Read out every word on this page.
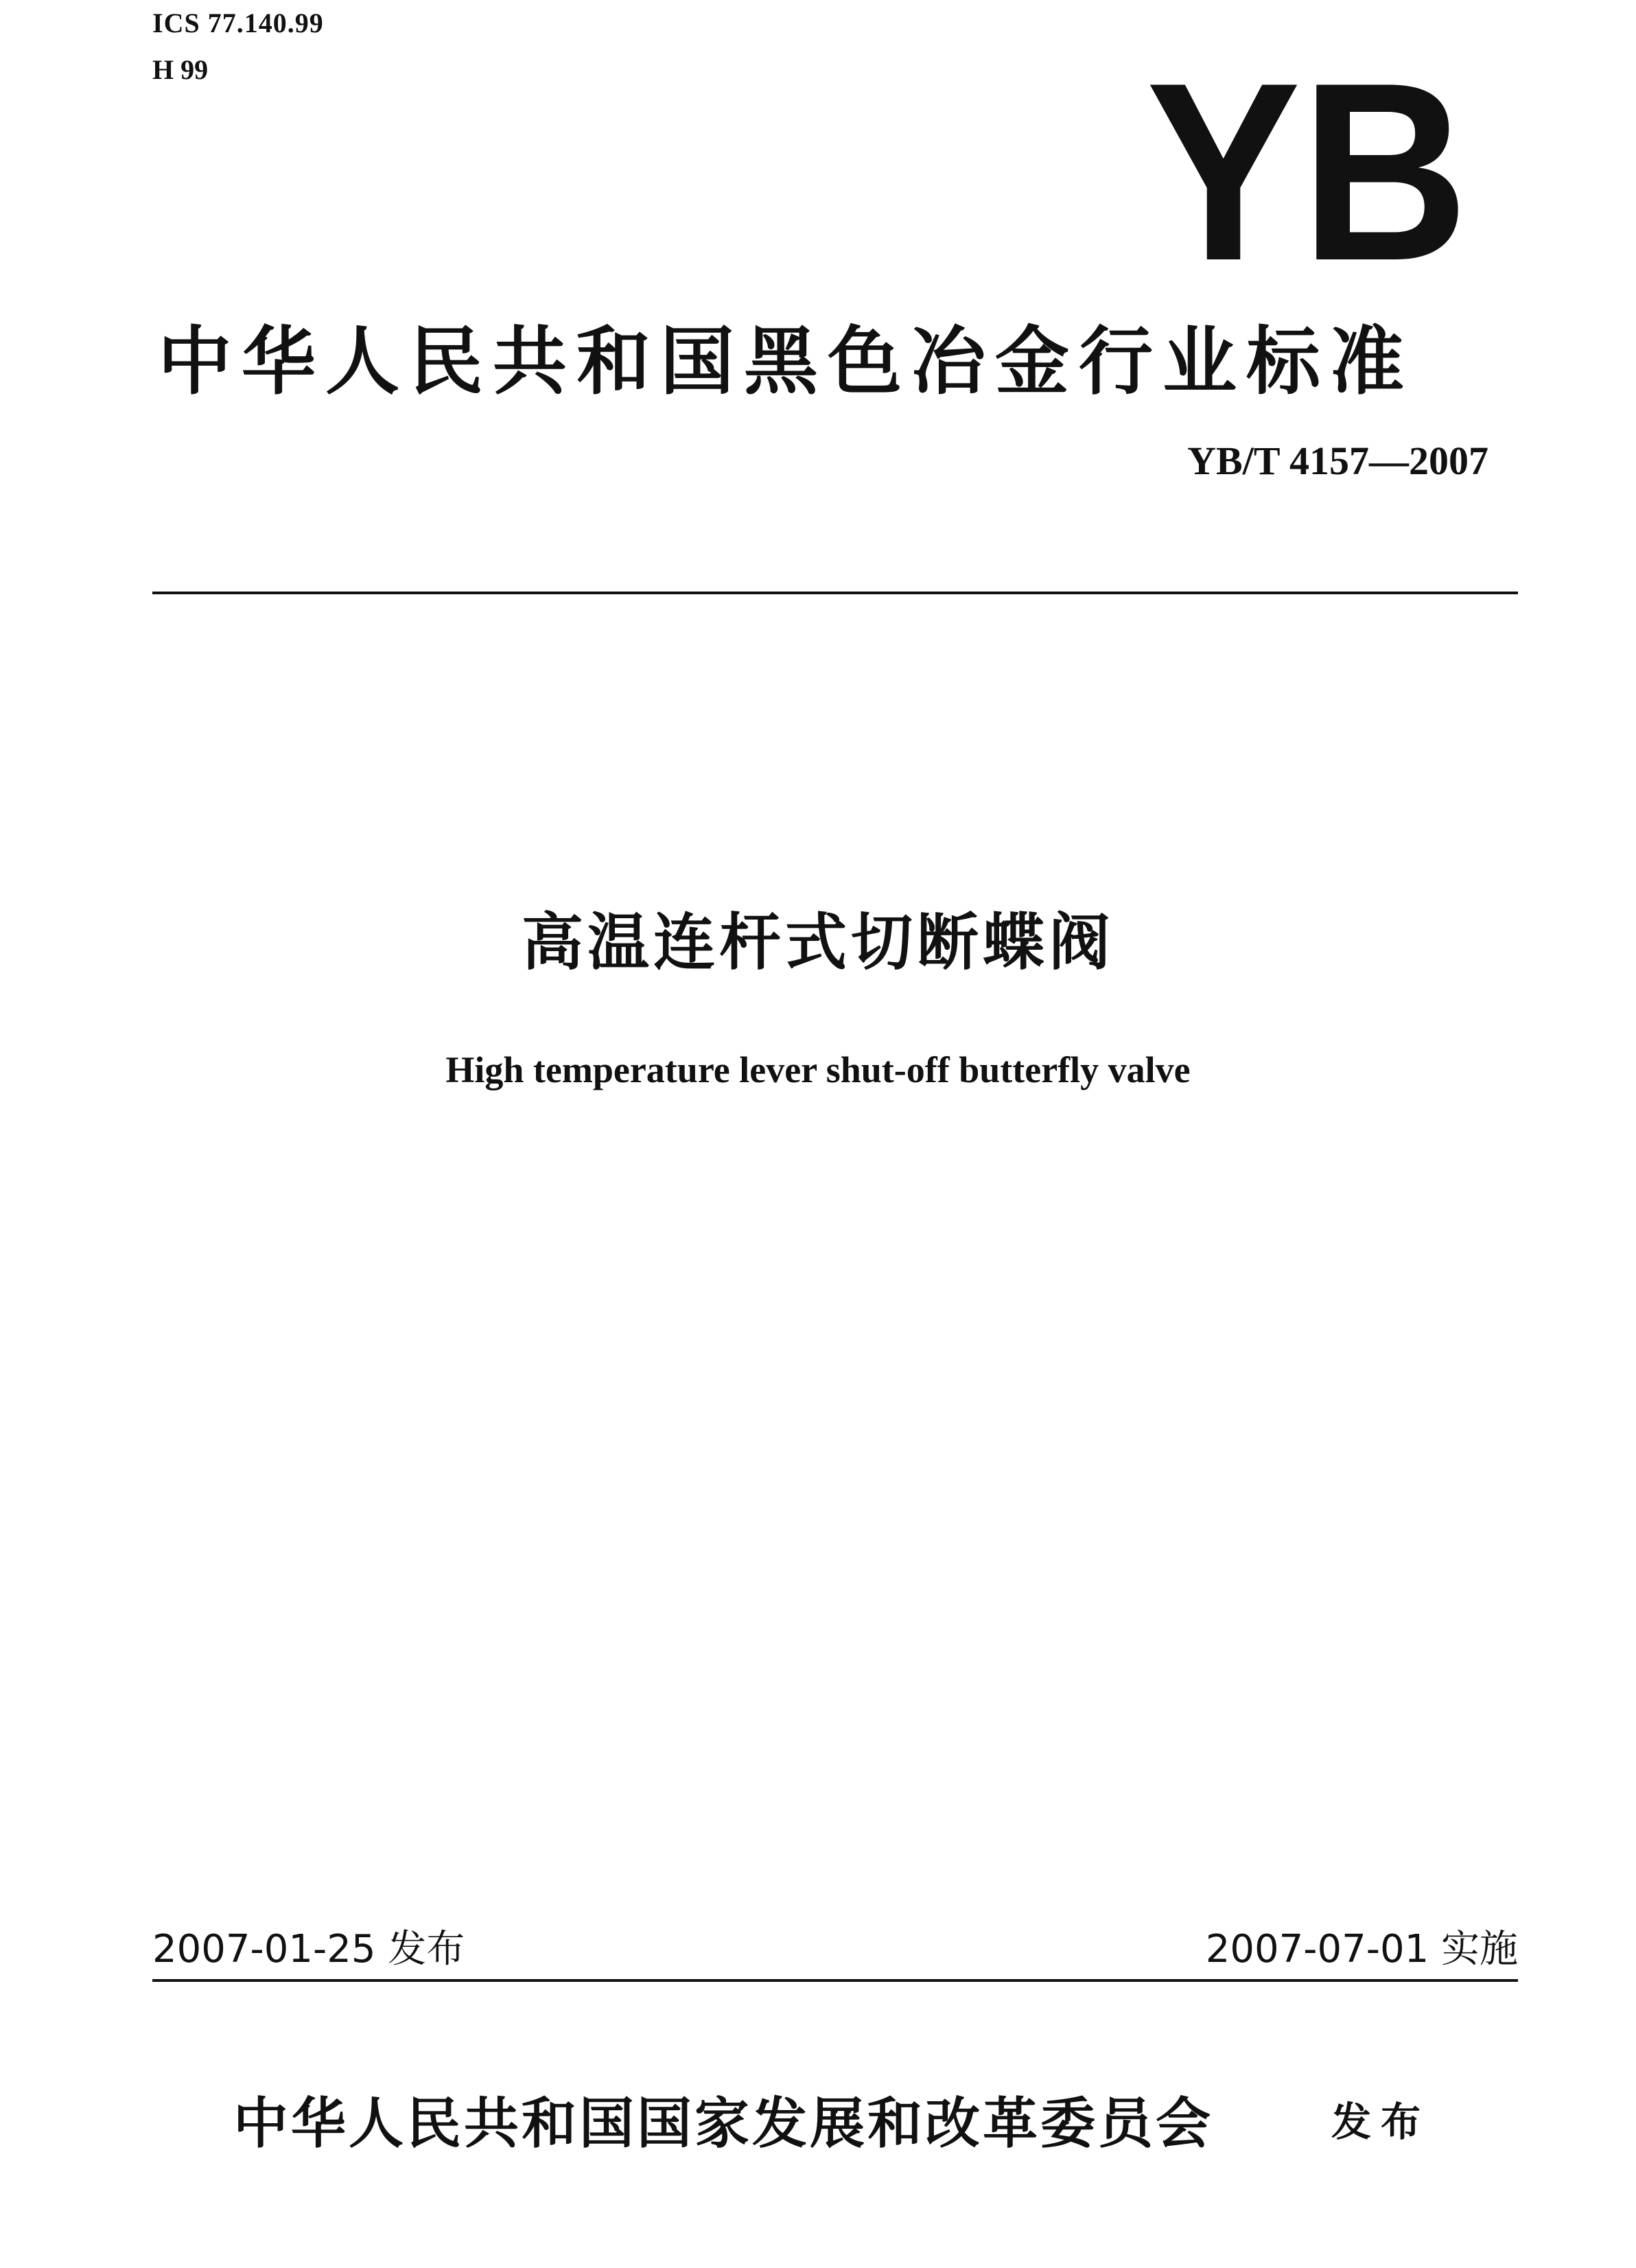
ICS 77.140.99
H 99	YB
中华人民共和国黑色冶金行业标准
YB/T 4157—2007
高温连杆式切断蝶阀
High temperature lever shut-off butterfly valve
2007-01-25 发布	2007-07-01 实施
中华人民共和国国家发展和改革委员会	发布
